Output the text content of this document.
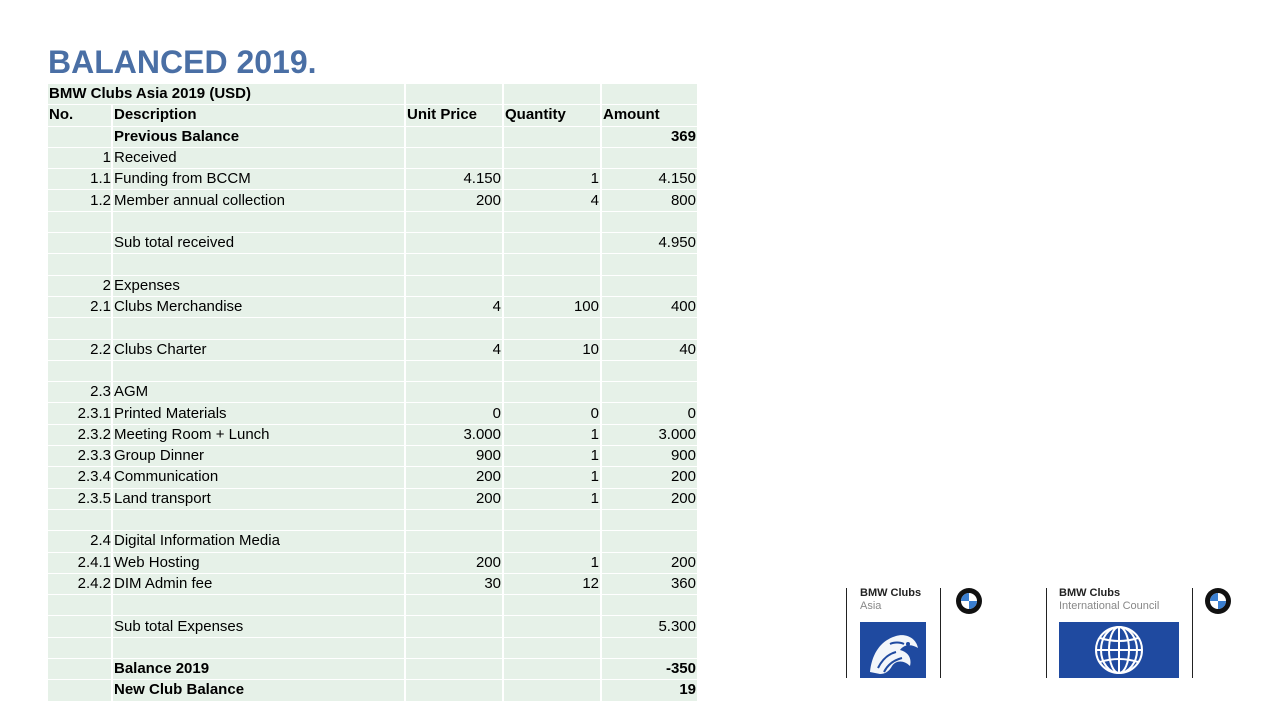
BALANCED 2019.
BMW Clubs Asia 2019 (USD)				
No.	Description	Unit Price	Quantity	Amount
	Previous Balance			369
1	Received			
1.1	Funding from BCCM	4.150	1	4.150
1.2	Member annual collection	200	4	800

	Sub total received			4.950

2	Expenses			
2.1	Clubs Merchandise	4	100	400

2.2	Clubs Charter	4	10	40

2.3	AGM			
2.3.1	Printed Materials	0	0	0
2.3.2	Meeting Room + Lunch	3.000	1	3.000
2.3.3	Group Dinner	900	1	900
2.3.4	Communication	200	1	200
2.3.5	Land transport	200	1	200

2.4	Digital Information Media			
2.4.1	Web Hosting	200	1	200
2.4.2	DIM Admin fee	30	12	360

	Sub total Expenses			5.300

	Balance 2019			-350
	New Club Balance			19
BMW Clubs
Asia
BMW Clubs
International Council
